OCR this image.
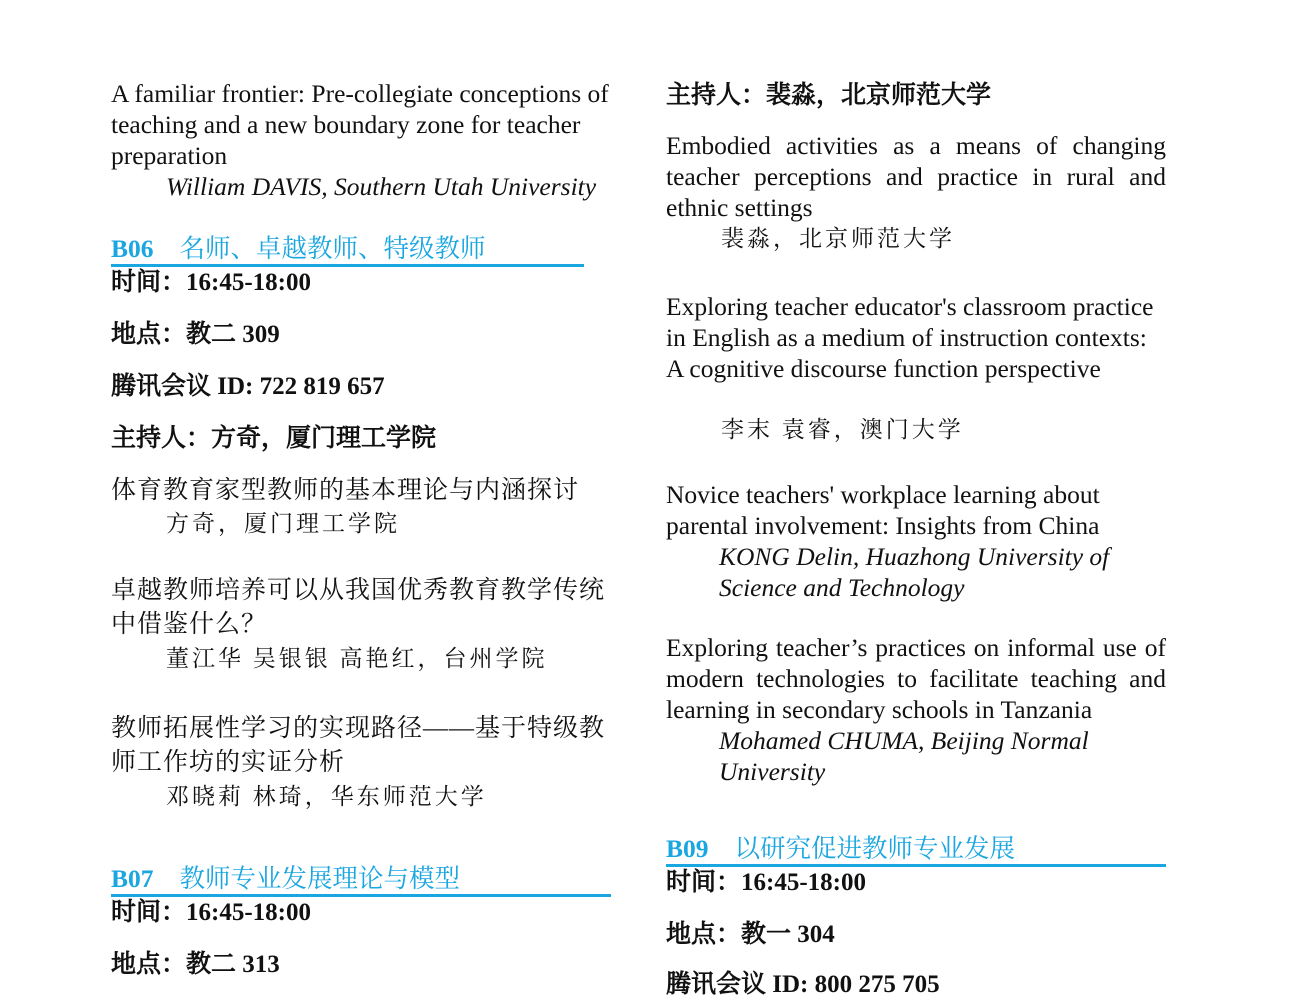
A familiar frontier: Pre-collegiate conceptions of teaching and a new boundary zone for teacher preparation

William DAVIS, Southern Utah University
B06 名师、卓越教师、特级教师
时间：16:45-18:00
地点：教二 309
腾讯会议 ID: 722 819 657
主持人：方奇，厦门理工学院

体育教育家型教师的基本理论与内涵探讨

方奇，厦门理工学院

卓越教师培养可以从我国优秀教育教学传统中借鉴什么？

董江华 吴银银 高艳红，台州学院

教师拓展性学习的实现路径——基于特级教师工作坊的实证分析

邓晓莉 林琦，华东师范大学
B07 教师专业发展理论与模型
时间：16:45-18:00
地点：教二 313
主持人：裴淼，北京师范大学

Embodied activities as a means of changing teacher perceptions and practice in rural and ethnic settings

裴淼，北京师范大学

Exploring teacher educator's classroom practice in English as a medium of instruction contexts: A cognitive discourse function perspective

李末 袁睿，澳门大学

Novice teachers' workplace learning about parental involvement: Insights from China

KONG Delin, Huazhong University of Science and Technology

Exploring teacher’s practices on informal use of modern technologies to facilitate teaching and learning in secondary schools in Tanzania

Mohamed CHUMA, Beijing Normal University
B09 以研究促进教师专业发展
时间：16:45-18:00
地点：教一 304
腾讯会议 ID: 800 275 705
